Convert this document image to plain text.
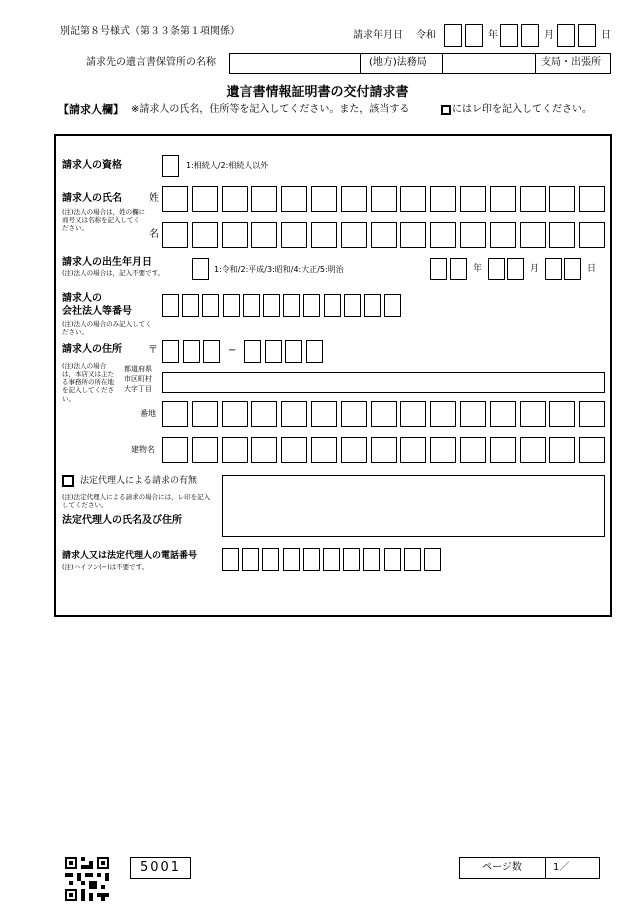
別記第８号様式（第３３条第１項関係）	請求年月日 令和	年	月	日
請求先の遺言書保管所の名称	(地方)法務局	支局・出張所
遺言書情報証明書の交付請求書
【請求人欄】 ※請求人の氏名，住所等を記入してください。また，該当する	にはレ印を記入してください。
請求人の資格	1:相続人/2:相続人以外
請求人の氏名
(注)法人の場合は，姓の欄に商号又は名称を記入してください。
姓
名
請求人の出生年月日
(注)法人の場合は，記入不要です。	1:令和/2:平成/3:昭和/4:大正/5:明治	年	月	日
請求人の
会社法人等番号
(注)法人の場合のみ記入してください。
請求人の住所	〒	−
(注)法人の場合は，本店又は主たる事務所の所在地を記入してください。
都道府県
市区町村
大字丁目
番地
建物名
法定代理人による請求の有無
(注)法定代理人による請求の場合には，レ印を記入してください。
法定代理人の氏名及び住所
請求人又は法定代理人の電話番号
(注)ハイフン(−)は不要です。
5001	ページ数	1／
